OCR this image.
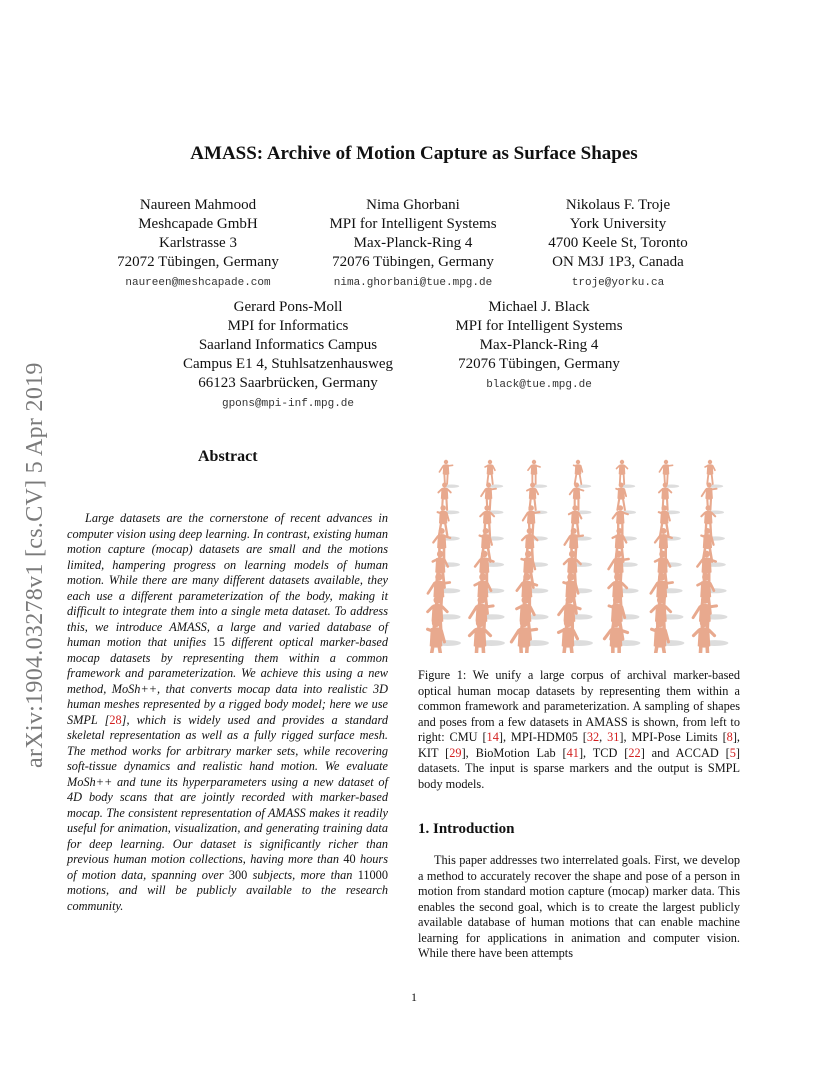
arXiv:1904.03278v1 [cs.CV] 5 Apr 2019
AMASS: Archive of Motion Capture as Surface Shapes
Naureen Mahmood
Meshcapade GmbH
Karlstrasse 3
72072 Tübingen, Germany
naureen@meshcapade.com
Nima Ghorbani
MPI for Intelligent Systems
Max-Planck-Ring 4
72076 Tübingen, Germany
nima.ghorbani@tue.mpg.de
Nikolaus F. Troje
York University
4700 Keele St, Toronto
ON M3J 1P3, Canada
troje@yorku.ca
Gerard Pons-Moll
MPI for Informatics
Saarland Informatics Campus
Campus E1 4, Stuhlsatzenhausweg
66123 Saarbrücken, Germany
gpons@mpi-inf.mpg.de
Michael J. Black
MPI for Intelligent Systems
Max-Planck-Ring 4
72076 Tübingen, Germany
black@tue.mpg.de
Abstract

Large datasets are the cornerstone of recent advances in computer vision using deep learning. In contrast, existing human motion capture (mocap) datasets are small and the motions limited, hampering progress on learning models of human motion. While there are many different datasets available, they each use a different parameterization of the body, making it difficult to integrate them into a single meta dataset. To address this, we introduce AMASS, a large and varied database of human motion that unifies 15 different optical marker-based mocap datasets by representing them within a common framework and parameterization. We achieve this using a new method, MoSh++, that converts mocap data into realistic 3D human meshes represented by a rigged body model; here we use SMPL [28], which is widely used and provides a standard skeletal representation as well as a fully rigged surface mesh. The method works for arbitrary marker sets, while recovering soft-tissue dynamics and realistic hand motion. We evaluate MoSh++ and tune its hyperparameters using a new dataset of 4D body scans that are jointly recorded with marker-based mocap. The consistent representation of AMASS makes it readily useful for animation, visualization, and generating training data for deep learning. Our dataset is significantly richer than previous human motion collections, having more than 40 hours of motion data, spanning over 300 subjects, more than 11000 motions, and will be publicly available to the research community.

Figure 1: We unify a large corpus of archival marker-based optical human mocap datasets by representing them within a common framework and parameterization. A sampling of shapes and poses from a few datasets in AMASS is shown, from left to right: CMU [14], MPI-HDM05 [32, 31], MPI-Pose Limits [8], KIT [29], BioMotion Lab [41], TCD [22] and ACCAD [5] datasets. The input is sparse markers and the output is SMPL body models.

1. Introduction

This paper addresses two interrelated goals. First, we develop a method to accurately recover the shape and pose of a person in motion from standard motion capture (mocap) marker data. This enables the second goal, which is to create the largest publicly available database of human motions that can enable machine learning for applications in animation and computer vision. While there have been attempts

1
